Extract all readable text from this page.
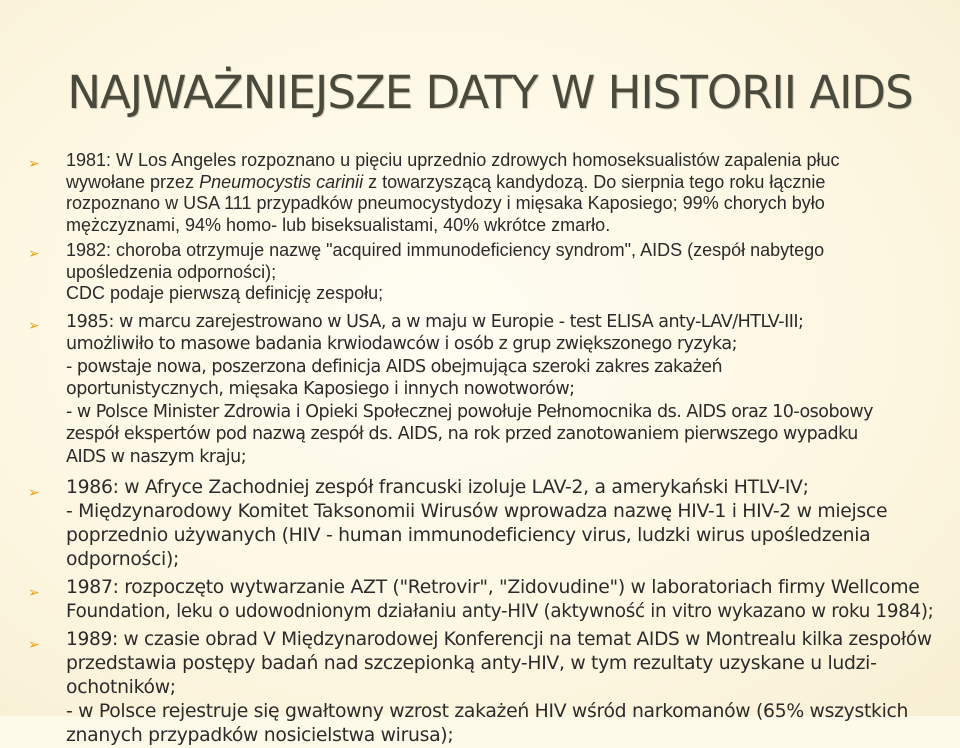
NAJWAŻNIEJSZE DATY W HISTORII AIDS
➢ 1981: W Los Angeles rozpoznano u pięciu uprzednio zdrowych homoseksualistów zapalenia płuc
wywołane przez Pneumocystis carinii z towarzyszącą kandydozą. Do sierpnia tego roku łącznie
rozpoznano w USA 111 przypadków pneumocystydozy i mięsaka Kaposiego; 99% chorych było
mężczyznami, 94% homo- lub biseksualistami, 40% wkrótce zmarło.
➢ 1982: choroba otrzymuje nazwę "acquired immunodeficiency syndrom", AIDS (zespół nabytego
upośledzenia odporności);
CDC podaje pierwszą definicję zespołu;
➢ 1985: w marcu zarejestrowano w USA, a w maju w Europie - test ELISA anty-LAV/HTLV-III;
umożliwiło to masowe badania krwiodawców i osób z grup zwiększonego ryzyka;
- powstaje nowa, poszerzona definicja AIDS obejmująca szeroki zakres zakażeń
oportunistycznych, mięsaka Kaposiego i innych nowotworów;
- w Polsce Minister Zdrowia i Opieki Społecznej powołuje Pełnomocnika ds. AIDS oraz 10-osobowy
zespół ekspertów pod nazwą zespół ds. AIDS, na rok przed zanotowaniem pierwszego wypadku
AIDS w naszym kraju;
➢ 1986: w Afryce Zachodniej zespół francuski izoluje LAV-2, a amerykański HTLV-IV;
- Międzynarodowy Komitet Taksonomii Wirusów wprowadza nazwę HIV-1 i HIV-2 w miejsce
poprzednio używanych (HIV - human immunodeficiency virus, ludzki wirus upośledzenia
odporności);
➢ 1987: rozpoczęto wytwarzanie AZT ("Retrovir", "Zidovudine") w laboratoriach firmy Wellcome
Foundation, leku o udowodnionym działaniu anty-HIV (aktywność in vitro wykazano w roku 1984);
➢ 1989: w czasie obrad V Międzynarodowej Konferencji na temat AIDS w Montrealu kilka zespołów
przedstawia postępy badań nad szczepionką anty-HIV, w tym rezultaty uzyskane u ludzi-
ochotników;
- w Polsce rejestruje się gwałtowny wzrost zakażeń HIV wśród narkomanów (65% wszystkich
znanych przypadków nosicielstwa wirusa);
